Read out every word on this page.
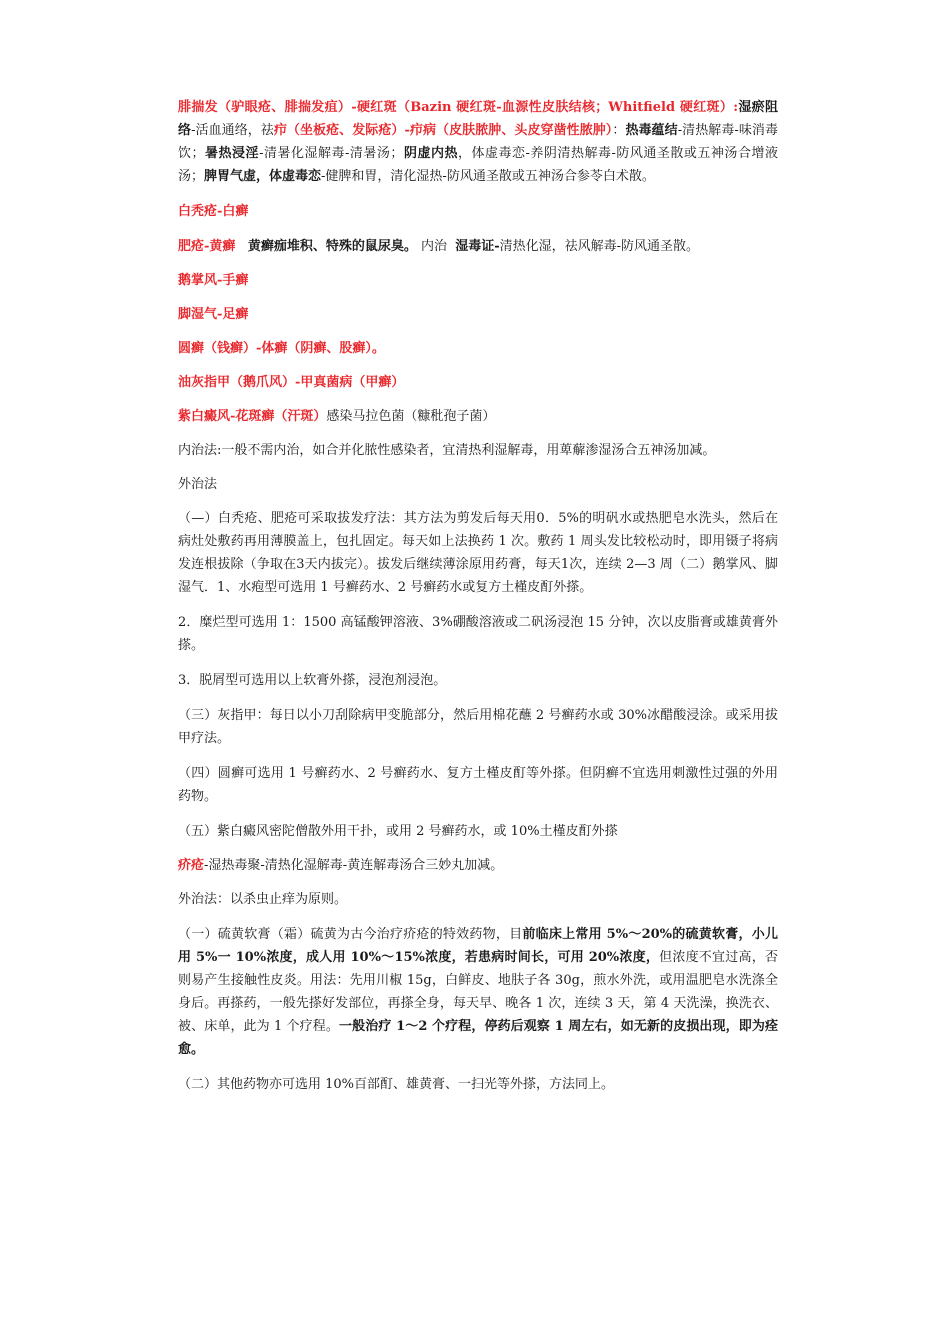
腓揣发（驴眼疮、腓揣发疽）-硬红斑（Bazin 硬红斑-血源性皮肤结核；Whitfield 硬红斑）:湿瘀阻络-活血通络，祛疖（坐板疮、发际疮）-疖病（皮肤脓肿、头皮穿凿性脓肿）：热毒蕴结-清热解毒-味消毒饮；暑热浸淫-清暑化湿解毒-清暑汤；阴虚内热，体虚毒恋-养阴清热解毒-防风通圣散或五神汤合增液汤；脾胃气虚，体虚毒恋-健脾和胃，清化湿热-防风通圣散或五神汤合参苓白术散。

白秃疮-白癣

肥疮-黄癣 黄癣痂堆积、特殊的鼠尿臭。 内治 湿毒证-清热化湿，祛风解毒-防风通圣散。

鹅掌风-手癣

脚湿气-足癣

圆癣（钱癣）-体癣（阴癣、股癣）。

油灰指甲（鹅爪风）-甲真菌病（甲癣）

紫白癜风-花斑癣（汗斑）感染马拉色菌（糠秕孢子菌）

内治法:一般不需内治，如合并化脓性感染者，宜清热利湿解毒，用萆薢渗湿汤合五神汤加减。

外治法

（—）白秃疮、肥疮可采取拔发疗法：其方法为剪发后每天用0．5%的明矾水或热肥皂水洗头，然后在病灶处敷药再用薄膜盖上，包扎固定。每天如上法换药 1 次。敷药 1 周头发比较松动时，即用镊子将病发连根拔除（争取在3天内拔完）。拔发后继续薄涂原用药膏，每天1次，连续 2—3 周（二）鹅掌风、脚湿气．1、水疱型可选用 1 号癣药水、2 号癣药水或复方土槿皮酊外搽。

2．糜烂型可选用 1：1500 高锰酸钾溶液、3%硼酸溶液或二矾汤浸泡 15 分钟，次以皮脂膏或雄黄膏外搽。

3．脱屑型可选用以上软膏外搽，浸泡剂浸泡。

（三）灰指甲：每日以小刀刮除病甲变脆部分，然后用棉花蘸 2 号癣药水或 30%冰醋酸浸涂。或采用拔甲疗法。

（四）圆癣可选用 1 号癣药水、2 号癣药水、复方土槿皮酊等外搽。但阴癣不宜选用刺激性过强的外用药物。

（五）紫白癜风密陀僧散外用干扑，或用 2 号癣药水，或 10%土槿皮酊外搽

疥疮-湿热毒聚-清热化湿解毒-黄连解毒汤合三妙丸加减。

外治法：以杀虫止痒为原则。

（一）硫黄软膏（霜）硫黄为古今治疗疥疮的特效药物，目前临床上常用 5%～20%的硫黄软膏，小儿用 5%一 10%浓度，成人用 10%～15%浓度，若患病时间长，可用 20%浓度，但浓度不宜过高，否则易产生接触性皮炎。用法：先用川椒 15g，白鲜皮、地肤子各 30g，煎水外洗，或用温肥皂水洗涤全身后。再搽药，一般先搽好发部位，再搽全身，每天早、晚各 1 次，连续 3 天，第 4 天洗澡，换洗衣、被、床单，此为 1 个疗程。一般治疗 1～2 个疗程，停药后观察 1 周左右，如无新的皮损出现，即为痊愈。

（二）其他药物亦可选用 10%百部酊、雄黄膏、一扫光等外搽，方法同上。
